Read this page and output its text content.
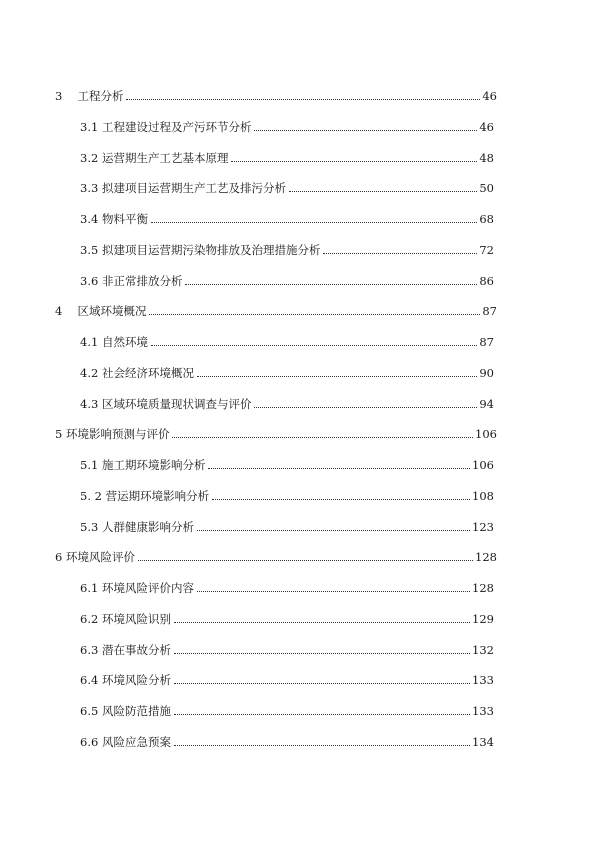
3　 工程分析	46
3.1 工程建设过程及产污环节分析	46
3.2 运营期生产工艺基本原理	48
3.3 拟建项目运营期生产工艺及排污分析	50
3.4 物料平衡	68
3.5 拟建项目运营期污染物排放及治理措施分析	72
3.6 非正常排放分析	86
4　 区域环境概况	87
4.1 自然环境	87
4.2 社会经济环境概况	90
4.3 区域环境质量现状调查与评价	94
5 环境影响预测与评价	106
5.1 施工期环境影响分析	106
5. 2 营运期环境影响分析	108
5.3 人群健康影响分析	123
6 环境风险评价	128
6.1 环境风险评价内容	128
6.2 环境风险识别	129
6.3 潜在事故分析	132
6.4 环境风险分析	133
6.5 风险防范措施	133
6.6 风险应急预案	134
